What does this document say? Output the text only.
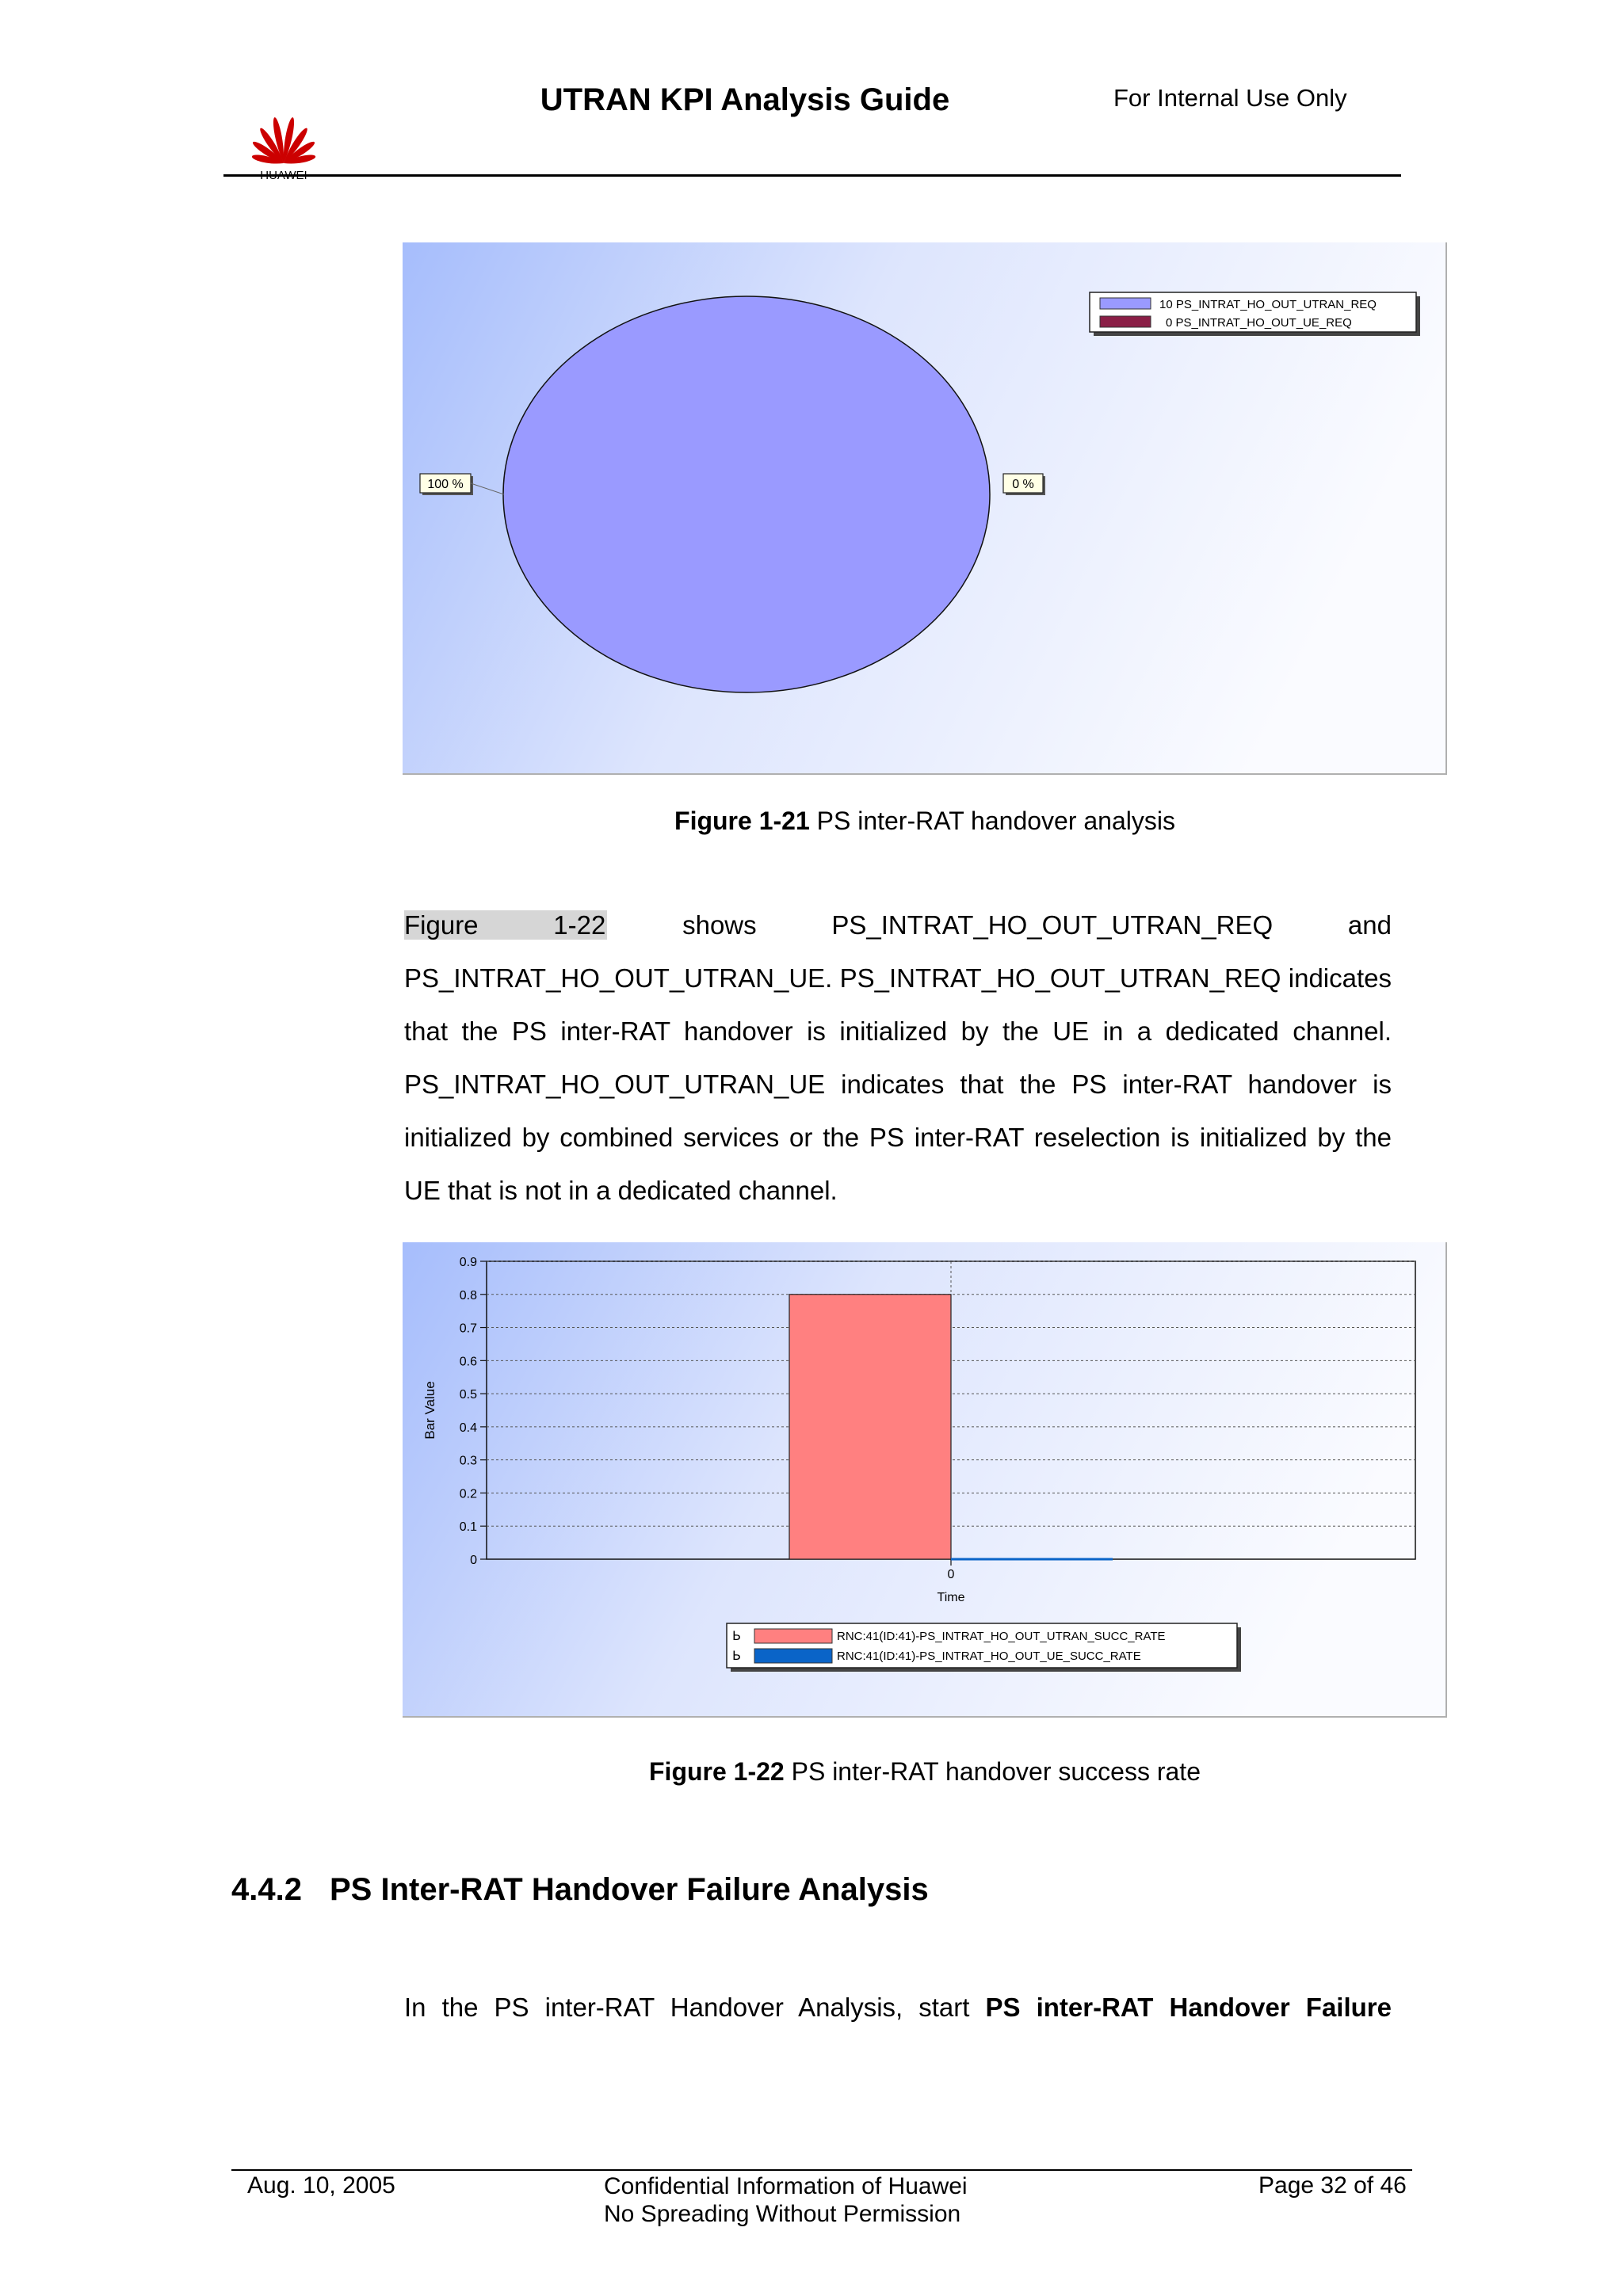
HUAWEI
UTRAN KPI Analysis Guide	For Internal Use Only
100 %	0 %
10 PS_INTRAT_HO_OUT_UTRAN_REQ
0 PS_INTRAT_HO_OUT_UE_REQ
Figure 1-21 PS inter-RAT handover analysis
Figure 1-22 shows PS_INTRAT_HO_OUT_UTRAN_REQ and PS_INTRAT_HO_OUT_UTRAN_UE. PS_INTRAT_HO_OUT_UTRAN_REQ indicates that the PS inter-RAT handover is initialized by the UE in a dedicated channel. PS_INTRAT_HO_OUT_UTRAN_UE indicates that the PS inter-RAT handover is initialized by combined services or the PS inter-RAT reselection is initialized by the UE that is not in a dedicated channel.
0
0.1
0.2
0.3
0.4
0.5
0.6
0.7
0.8
0.9
0
Bar Value
Time
Ь
Ь
RNC:41(ID:41)-PS_INTRAT_HO_OUT_UTRAN_SUCC_RATE
RNC:41(ID:41)-PS_INTRAT_HO_OUT_UE_SUCC_RATE
Figure 1-22 PS inter-RAT handover success rate
4.4.2 PS Inter-RAT Handover Failure Analysis
In the PS inter-RAT Handover Analysis, start PS inter-RAT Handover Failure
Aug. 10, 2005	Confidential Information of Huawei
No Spreading Without Permission
Page 32 of 46
